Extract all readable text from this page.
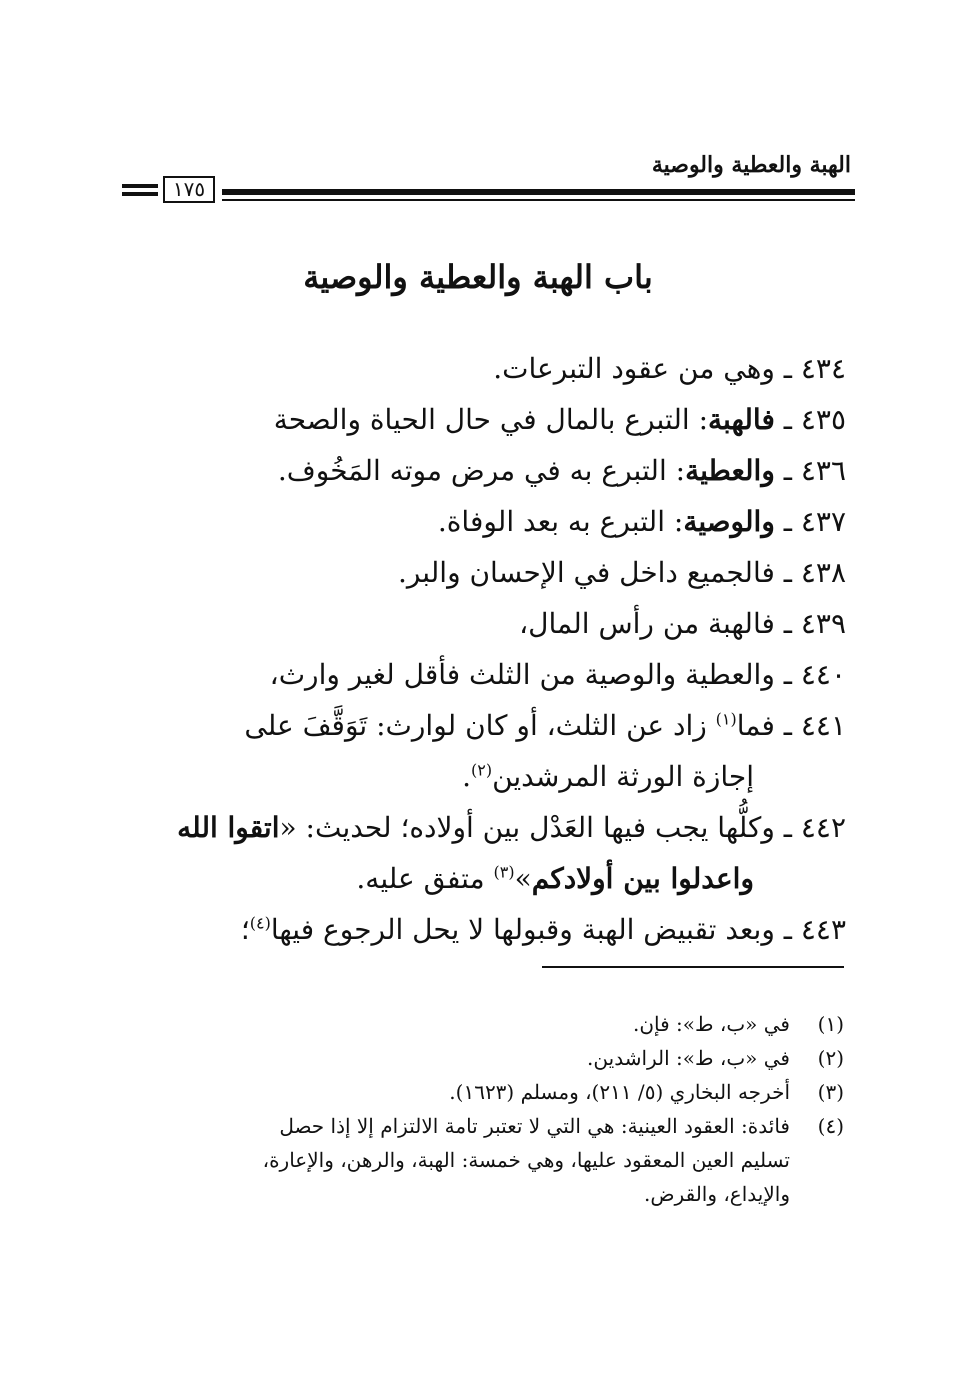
الهبة والعطية والوصية
١٧٥
باب الهبة والعطية والوصية
٤٣٤ ـ وهي من عقود التبرعات.
٤٣٥ ـ فالهبة: التبرع بالمال في حال الحياة والصحة
٤٣٦ ـ والعطية: التبرع به في مرض موته المَخُوف.
٤٣٧ ـ والوصية: التبرع به بعد الوفاة.
٤٣٨ ـ فالجميع داخل في الإحسان والبر.
٤٣٩ ـ فالهبة من رأس المال،
٤٤٠ ـ والعطية والوصية من الثلث فأقل لغير وارث،
٤٤١ ـ فما$^{(١)}$ زاد عن الثلث، أو كان لوارث: تَوَقَّفَ على
إجازة الورثة المرشدين$^{(٢)}$.
٤٤٢ ـ وكلُّها يجب فيها العَدْل بين أولاده؛ لحديث: «اتقوا الله
واعدلوا بين أولادكم»$^{(٣)}$ متفق عليه.
٤٤٣ ـ وبعد تقبيض الهبة وقبولها لا يحل الرجوع فيها$^{(٤)}$؛
(١)في «ب، ط»: فإن.
(٢)في «ب، ط»: الراشدين.
(٣)أخرجه البخاري (٥/ ٢١١)، ومسلم (١٦٢٣).
(٤)فائدة: العقود العينية: هي التي لا تعتبر تامة الالتزام إلا إذا حصل
تسليم العين المعقود عليها، وهي خمسة: الهبة، والرهن، والإعارة،
والإيداع، والقرض.
